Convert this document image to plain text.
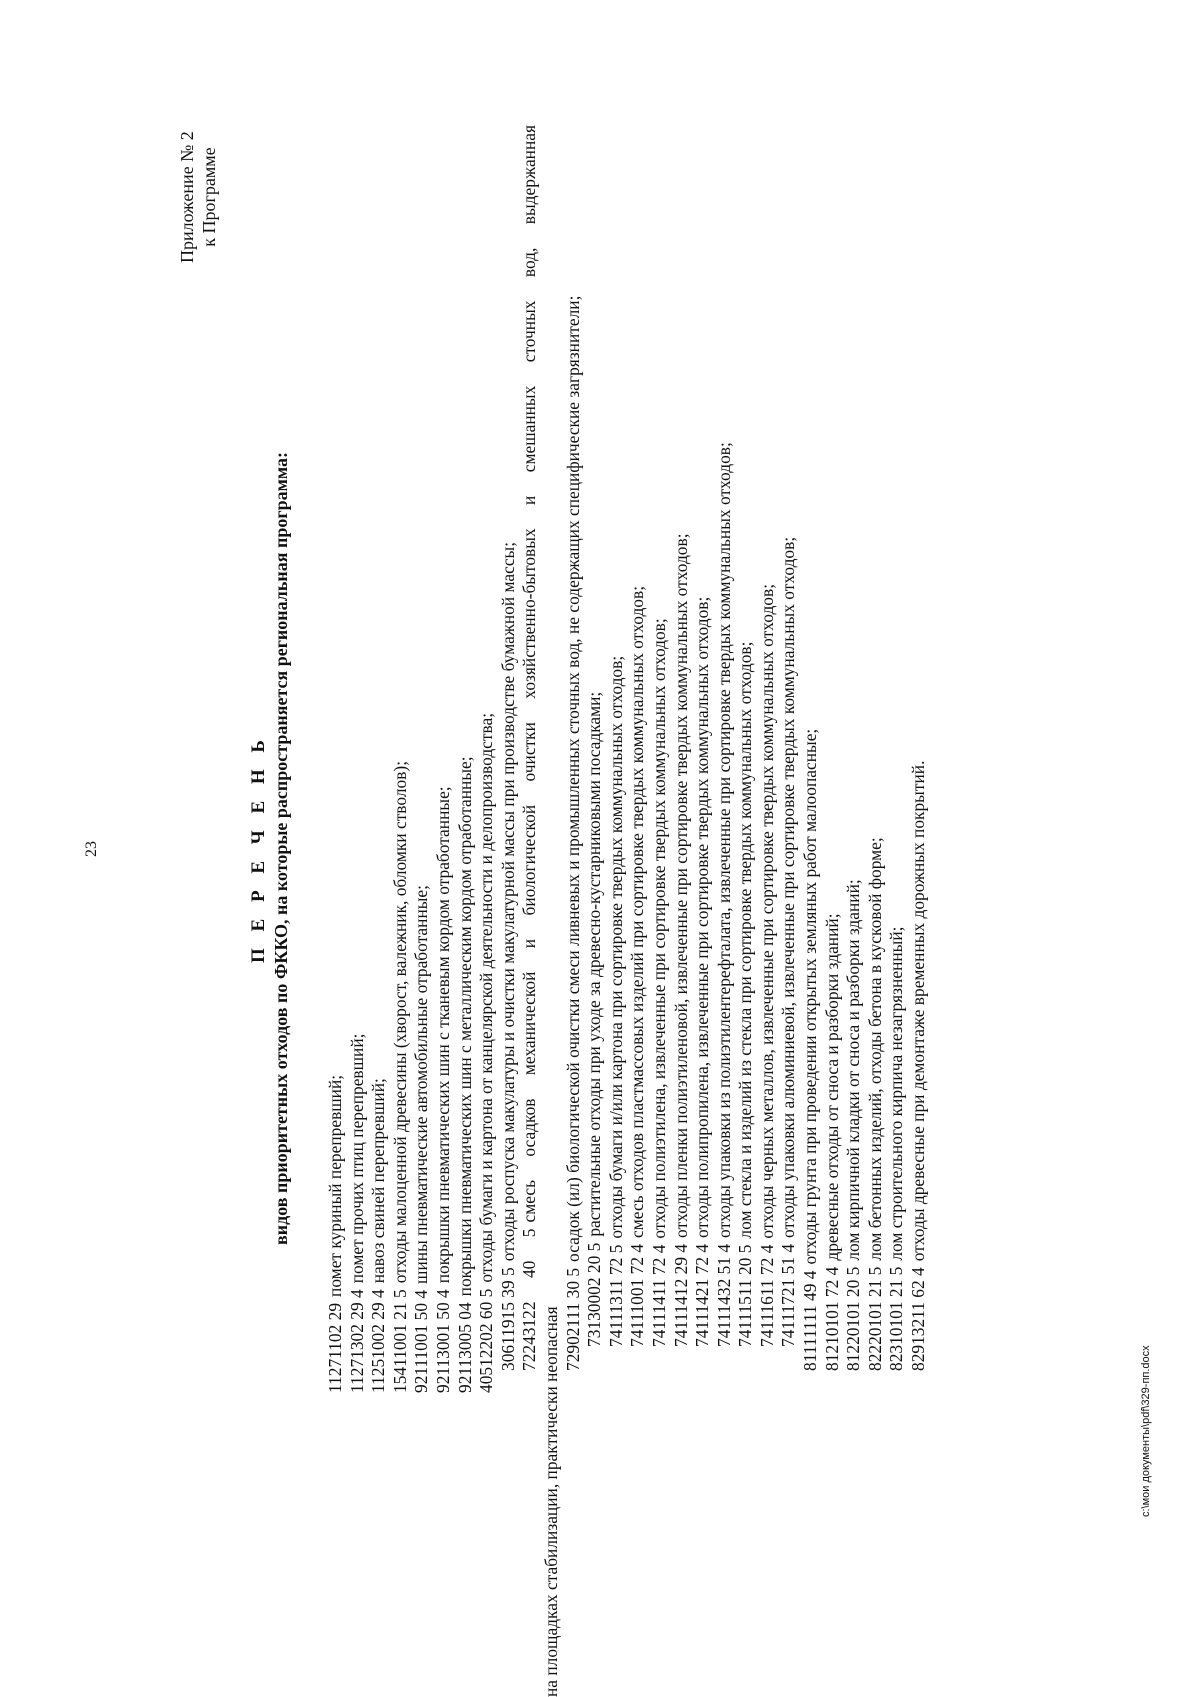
23
Приложение № 2 к Программе
П Е Р Е Ч Е Н Ь видов приоритетных отходов по ФККО, на которые распространяется региональная программа:
11271102 29помет куриный перепревший;
11271302 29 4помет прочих птиц перепревший;
11251002 29 4навоз свиней перепревший;
15411001 21 5отходы малоценной древесины (хворост, валежник, обломки стволов);
92111001 50 4шины пневматические автомобильные отработанные;
92113001 50 4покрышки пневматических шин с тканевым кордом отработанные;
92113005 04покрышки пневматических шин с металлическим кордом отработанные;
40512202 60 5отходы бумаги и картона от канцелярской деятельности и делопроизводства;
30611915 39 5отходы роспуска макулатуры и очистки макулатурной массы при производстве бумажной массы;
72243122 40 5смесь осадков механической и биологической очистки хозяйственно-бытовых и смешанных сточных вод, выдержанная
на площадках стабилизации, практически неопасная 72902111 30 5осадок (ил) биологической очистки смеси ливневых и промышленных сточных вод, не содержащих специфические загрязнители;
73130002 20 5растительные отходы при уходе за древесно-кустарниковыми посадками;
74111311 72 5отходы бумаги и/или картона при сортировке твердых коммунальных отходов;
74111001 72 4смесь отходов пластмассовых изделий при сортировке твердых коммунальных отходов;
74111411 72 4отходы полиэтилена, извлеченные при сортировке твердых коммунальных отходов;
74111412 29 4отходы пленки полиэтиленовой, извлеченные при сортировке твердых коммунальных отходов;
74111421 72 4отходы полипропилена, извлеченные при сортировке твердых коммунальных отходов;
74111432 51 4отходы упаковки из полиэтилентерефталата, извлеченные при сортировке твердых коммунальных отходов;
74111511 20 5лом стекла и изделий из стекла при сортировке твердых коммунальных отходов;
74111611 72 4отходы черных металлов, извлеченные при сортировке твердых коммунальных отходов;
74111721 51 4отходы упаковки алюминиевой, извлеченные при сортировке твердых коммунальных отходов;
81111111 49 4отходы грунта при проведении открытых земляных работ малоопасные;
81210101 72 4древесные отходы от сноса и разборки зданий;
81220101 20 5лом кирпичной кладки от сноса и разборки зданий;
82220101 21 5лом бетонных изделий, отходы бетона в кусковой форме;
82310101 21 5лом строительного кирпича незагрязненный;
82913211 62 4отходы древесные при демонтаже временных дорожных покрытий.
c:\мои документы\pdf\329-пп.docx
